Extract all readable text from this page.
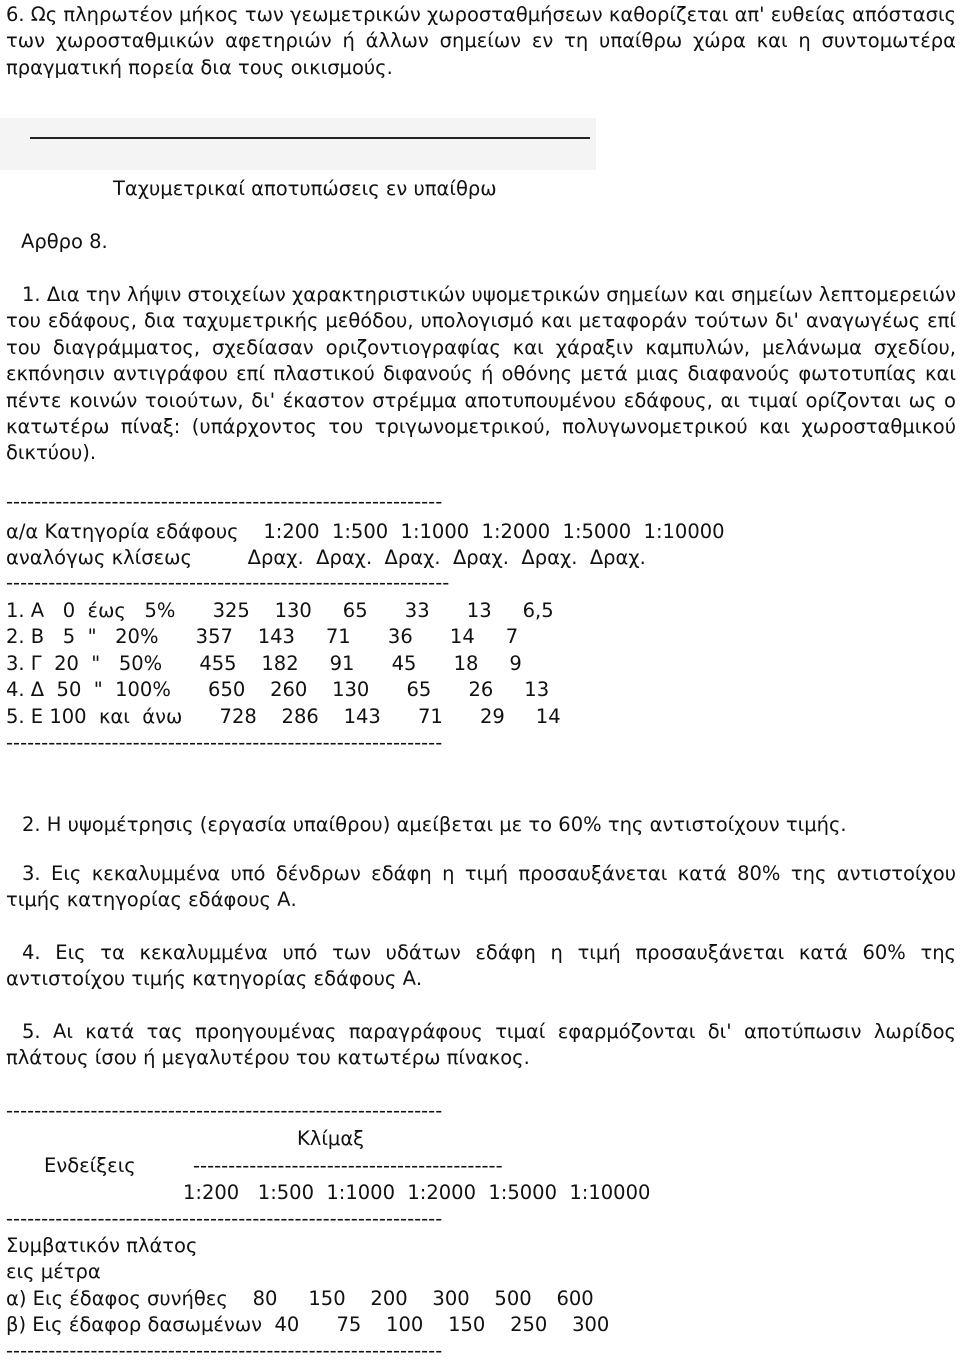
6. Ως πληρωτέον μήκος των γεωμετρικών χωροσταθμήσεων καθορίζεται απ' ευθείας απόστασις των χωροσταθμικών αφετηριών ή άλλων σημείων εν τη υπαίθρω χώρα και η συντομωτέρα πραγματική πορεία δια τους οικισμούς.
Ταχυμετρικαί αποτυπώσεις εν υπαίθρω
Αρθρο 8.
1. Δια την λήψιν στοιχείων χαρακτηριστικών υψομετρικών σημείων και σημείων λεπτομερειών του εδάφους, δια ταχυμετρικής μεθόδου, υπολογισμό και μεταφοράν τούτων δι' αναγωγέως επί του διαγράμματος, σχεδίασαν οριζοντιογραφίας και χάραξιν καμπυλών, μελάνωμα σχεδίου, εκπόνησιν αντιγράφου επί πλαστικού διφανούς ή οθόνης μετά μιας διαφανούς φωτοτυπίας και πέντε κοινών τοιούτων, δι' έκαστον στρέμμα αποτυπουμένου εδάφους, αι τιμαί ορίζονται ως ο κατωτέρω πίναξ: (υπάρχοντος του τριγωνομετρικού, πολυγωνομετρικού και χωροσταθμικού δικτύου).
--------------------------------------------------------------
α/α Κατηγορία εδάφους    1:200  1:500  1:1000  1:2000  1:5000  1:10000
αναλόγως κλίσεως         Δραχ.  Δραχ.  Δραχ.  Δραχ.  Δραχ.  Δραχ.
---------------------------------------------------------------
1. Α   0  έως   5%      325    130     65      33      13     6,5
2. Β   5  "   20%      357    143     71      36      14     7
3. Γ  20  "   50%      455    182     91      45      18     9
4. Δ  50  "  100%      650    260    130      65      26     13
5. Ε 100  και  άνω      728    286    143      71      29     14
--------------------------------------------------------------
2. Η υψομέτρησις (εργασία υπαίθρου) αμείβεται με το 60% της αντιστοίχουν τιμής.
3. Εις κεκαλυμμένα υπό δένδρων εδάφη η τιμή προσαυξάνεται κατά 80% της αντιστοίχου τιμής κατηγορίας εδάφους Α.
4. Εις τα κεκαλυμμένα υπό των υδάτων εδάφη η τιμή προσαυξάνεται κατά 60% της αντιστοίχου τιμής κατηγορίας εδάφους Α.
5. Αι κατά τας προηγουμένας παραγράφους τιμαί εφαρμόζονται δι' αποτύπωσιν λωρίδος πλάτους ίσου ή μεγαλυτέρου του κατωτέρω πίνακος.
--------------------------------------------------------------
Κλίμαξ
Ενδείξεις	--------------------------------------------
1:200   1:500  1:1000  1:2000  1:5000  1:10000
--------------------------------------------------------------
Συμβατικόν πλάτος
εις μέτρα
α) Εις έδαφος συνήθες    80     150    200    300    500    600
β) Εις έδαφορ δασωμένων  40      75    100    150    250    300
--------------------------------------------------------------
